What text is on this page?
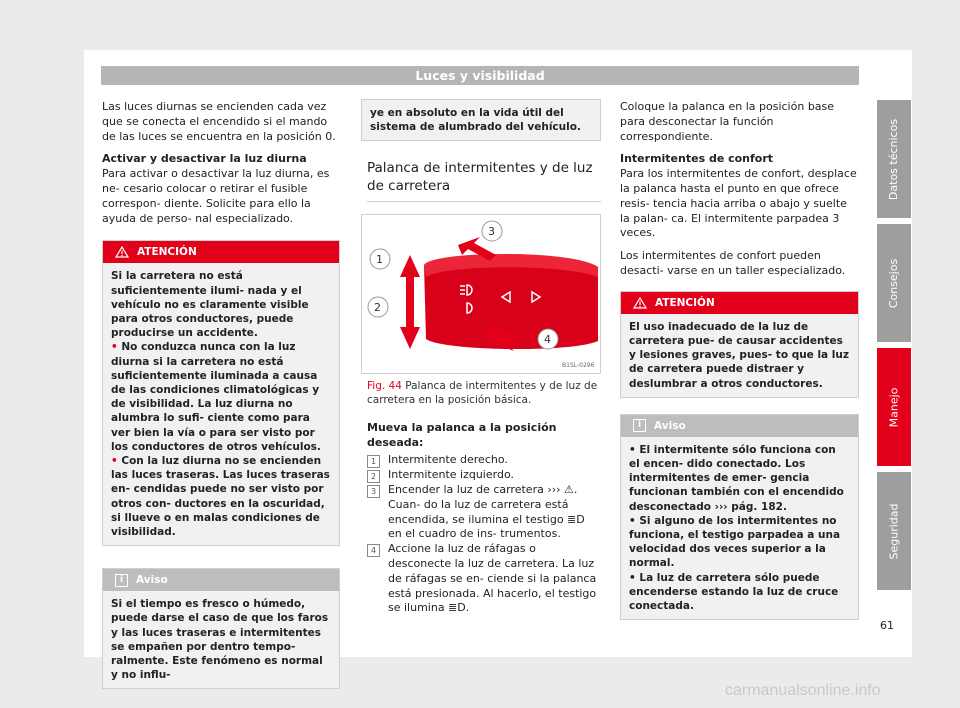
Luces y visibilidad

Las luces diurnas se encienden cada vez que se conecta el encendido si el mando de las luces se encuentra en la posición 0.

Activar y desactivar la luz diurna

Para activar o desactivar la luz diurna, es ne- cesario colocar o retirar el fusible correspon- diente. Solicite para ello la ayuda de perso- nal especializado.

ATENCIÓN
Si la carretera no está suficientemente ilumi- nada y el vehículo no es claramente visible para otros conductores, puede producirse un accidente.
• No conduzca nunca con la luz diurna si la carretera no está suficientemente iluminada a causa de las condiciones climatológicas y de visibilidad. La luz diurna no alumbra lo sufi- ciente como para ver bien la vía o para ser visto por los conductores de otros vehículos.
• Con la luz diurna no se encienden las luces traseras. Las luces traseras en- cendidas puede no ser visto por otros con- ductores en la oscuridad, si llueve o en malas condiciones de visibilidad.
i	Aviso
Si el tiempo es fresco o húmedo, puede darse el caso de que los faros y las luces traseras e intermitentes se empañen por dentro tempo- ralmente. Este fenómeno es normal y no influ-
ye en absoluto en la vida útil del sistema de alumbrado del vehículo.
Palanca de intermitentes y de luz de carretera
1
2
3
4
B1SL-0296
Fig. 44 Palanca de intermitentes y de luz de carretera en la posición básica.

Mueva la palanca a la posición deseada:

1	Intermitente derecho.
2	Intermitente izquierdo.
3	Encender la luz de carretera ››› ⚠. Cuan- do la luz de carretera está encendida, se ilumina el testigo ≣D en el cuadro de ins- trumentos.
4	Accione la luz de ráfagas o desconecte la luz de carretera. La luz de ráfagas se en- ciende si la palanca está presionada. Al hacerlo, el testigo se ilumina ≣D.

Coloque la palanca en la posición base para desconectar la función correspondiente.

Intermitentes de confort

Para los intermitentes de confort, desplace la palanca hasta el punto en que ofrece resis- tencia hacia arriba o abajo y suelte la palan- ca. El intermitente parpadea 3 veces.

Los intermitentes de confort pueden desacti- varse en un taller especializado.

ATENCIÓN
El uso inadecuado de la luz de carretera pue- de causar accidentes y lesiones graves, pues- to que la luz de carretera puede distraer y deslumbrar a otros conductores.
i	Aviso
• El intermitente sólo funciona con el encen- dido conectado. Los intermitentes de emer- gencia funcionan también con el encendido desconectado ››› pág. 182.
• Si alguno de los intermitentes no funciona, el testigo parpadea a una velocidad dos veces superior a la normal.
• La luz de carretera sólo puede encenderse estando la luz de cruce conectada.
Datos técnicos
Consejos
Manejo
Seguridad
61
carmanualsonline.info
